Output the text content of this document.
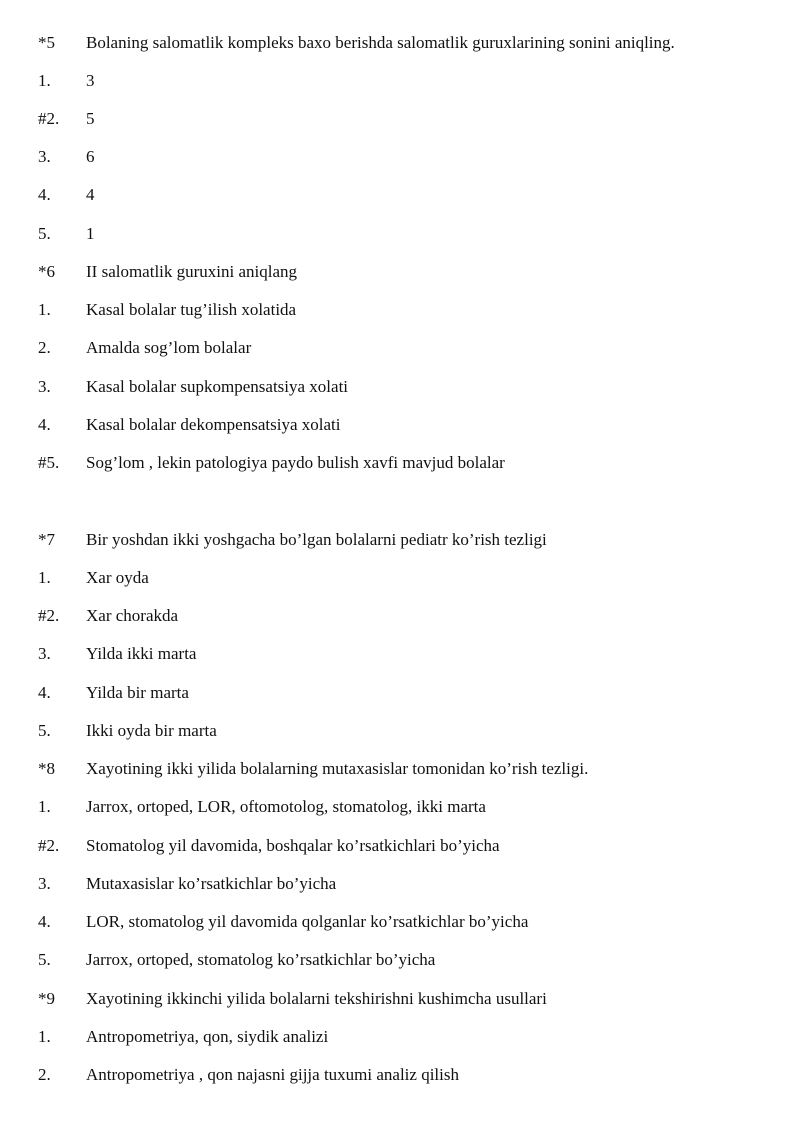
*5 Bolaning salomatlik kompleks baxo berishda salomatlik guruxlarining sonini aniqling.
1. 3
#2. 5
3. 6
4. 4
5. 1
*6 II salomatlik guruxini aniqlang
1. Kasal bolalar tug’ilish xolatida
2. Amalda sog’lom bolalar
3. Kasal bolalar supkompensatsiya xolati
4. Kasal bolalar dekompensatsiya xolati
#5. Sog’lom , lekin patologiya paydo bulish xavfi mavjud bolalar
*7 Bir yoshdan ikki yoshgacha bo’lgan bolalarni pediatr ko’rish tezligi
1. Xar oyda
#2. Xar chorakda
3. Yilda ikki marta
4. Yilda bir marta
5. Ikki oyda bir marta
*8 Xayotining ikki yilida bolalarning mutaxasislar tomonidan ko’rish tezligi.
1. Jarrox, ortoped, LOR, oftomotolog, stomatolog, ikki marta
#2. Stomatolog yil davomida, boshqalar ko’rsatkichlari bo’yicha
3. Mutaxasislar ko’rsatkichlar bo’yicha
4. LOR, stomatolog yil davomida qolganlar ko’rsatkichlar bo’yicha
5. Jarrox, ortoped, stomatolog ko’rsatkichlar bo’yicha
*9 Xayotining ikkinchi yilida bolalarni tekshirishni kushimcha usullari
1. Antropometriya, qon, siydik analizi
2. Antropometriya , qon najasni gijja tuxumi analiz qilish
